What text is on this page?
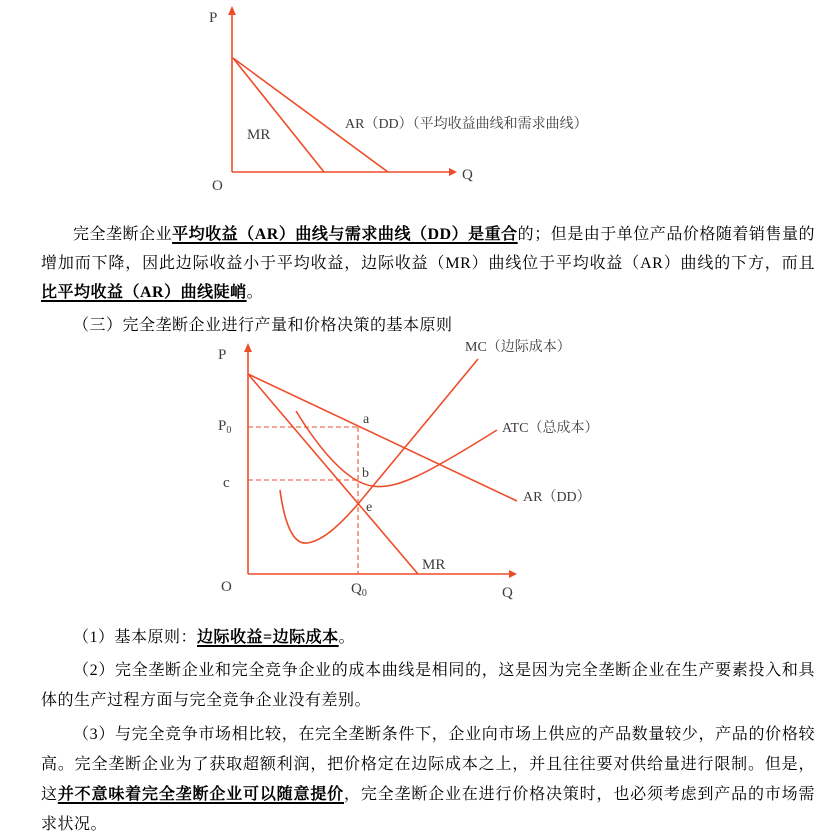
P
O
Q
MR
AR（DD）（平均收益曲线和需求曲线）

完全垄断企业平均收益（AR）曲线与需求曲线（DD）是重合的；但是由于单位产品价格随着销售量的增加而下降，因此边际收益小于平均收益，边际收益（MR）曲线位于平均收益（AR）曲线的下方，而且比平均收益（AR）曲线陡峭。

（三）完全垄断企业进行产量和价格决策的基本原则

P
O	Q
$P_0$
c
$Q_0$
a
b
e
MC（边际成本）
ATC（总成本）
AR（DD）
MR

（1）基本原则：边际收益=边际成本。

（2）完全垄断企业和完全竞争企业的成本曲线是相同的，这是因为完全垄断企业在生产要素投入和具体的生产过程方面与完全竞争企业没有差别。

（3）与完全竞争市场相比较，在完全垄断条件下，企业向市场上供应的产品数量较少，产品的价格较高。完全垄断企业为了获取超额利润，把价格定在边际成本之上，并且往往要对供给量进行限制。但是，这并不意味着完全垄断企业可以随意提价，完全垄断企业在进行价格决策时，也必须考虑到产品的市场需求状况。
